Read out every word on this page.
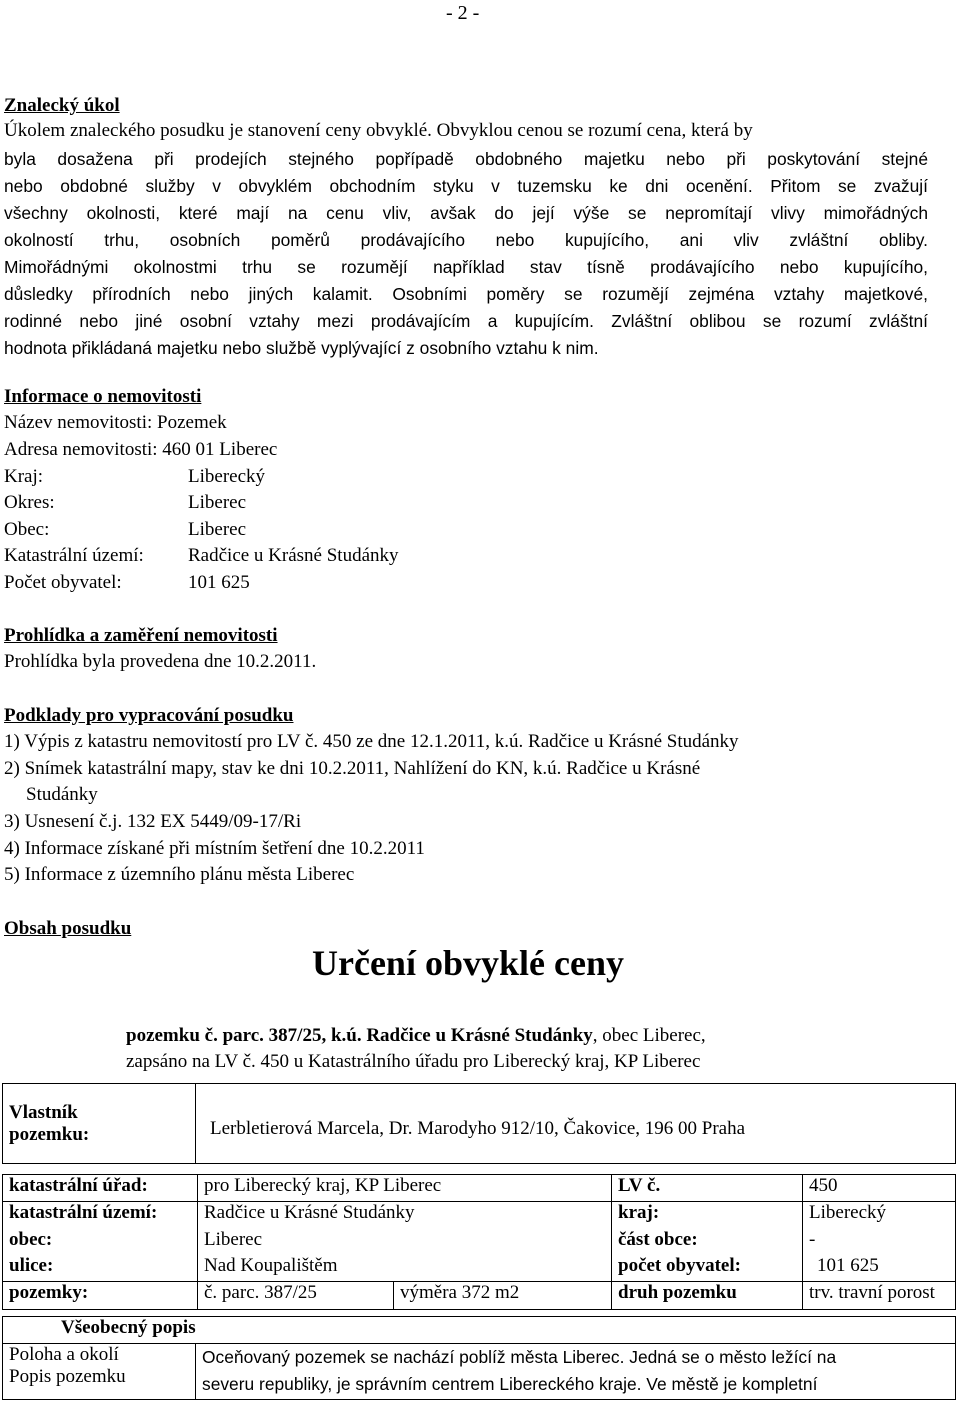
- 2 -
Znalecký úkol
Úkolem znaleckého posudku je stanovení ceny obvyklé. Obvyklou cenou se rozumí cena, která by
byla dosažena při prodejích stejného popřípadě obdobného majetku nebo při poskytování stejné
nebo obdobné služby v obvyklém obchodním styku v tuzemsku ke dni ocenění. Přitom se zvažují
všechny okolnosti, které mají na cenu vliv, avšak do její výše se nepromítají vlivy mimořádných
okolností trhu, osobních poměrů prodávajícího nebo kupujícího, ani vliv zvláštní obliby.
Mimořádnými okolnostmi trhu se rozumějí například stav tísně prodávajícího nebo kupujícího,
důsledky přírodních nebo jiných kalamit. Osobními poměry se rozumějí zejména vztahy majetkové,
rodinné nebo jiné osobní vztahy mezi prodávajícím a kupujícím. Zvláštní oblibou se rozumí zvláštní
hodnota přikládaná majetku nebo službě vyplývající z osobního vztahu k nim.
Informace o nemovitosti
Název nemovitosti: Pozemek
Adresa nemovitosti: 460 01 Liberec
Kraj:	Liberecký
Okres:	Liberec
Obec:	Liberec
Katastrální území: Radčice u Krásné Studánky
Počet obyvatel:	101 625
Prohlídka a zaměření nemovitosti
Prohlídka byla provedena dne 10.2.2011.
Podklady pro vypracování posudku
1) Výpis z katastru nemovitostí pro LV č. 450 ze dne 12.1.2011, k.ú. Radčice u Krásné Studánky
2) Snímek katastrální mapy, stav ke dni 10.2.2011, Nahlížení do KN, k.ú. Radčice u Krásné
Studánky
3) Usnesení č.j. 132 EX 5449/09-17/Ri
4) Informace získané při místním šetření dne 10.2.2011
5) Informace z územního plánu města Liberec
Obsah posudku
Určení obvyklé ceny
pozemku č. parc. 387/25, k.ú. Radčice u Krásné Studánky, obec Liberec,
zapsáno na LV č. 450 u Katastrálního úřadu pro Liberecký kraj, KP Liberec
Vlastník
pozemku:	Lerbletierová Marcela, Dr. Marodyho 912/10, Čakovice, 196 00 Praha
katastrální úřad:	pro Liberecký kraj, KP Liberec		LV č.	450
katastrální území:	Radčice u Krásné Studánky		kraj:	Liberecký
obec:	Liberec		část obce:	-
ulice:	Nad Koupalištěm		počet obyvatel:	101 625
pozemky:	č. parc. 387/25	výměra 372 m2	druh pozemku	trv. travní porost
Všeobecný popis

Poloha a okolí
Popis pozemku

Oceňovaný pozemek se nachází poblíž města Liberec. Jedná se o město ležící na
severu republiky, je správním centrem Libereckého kraje. Ve městě je kompletní
